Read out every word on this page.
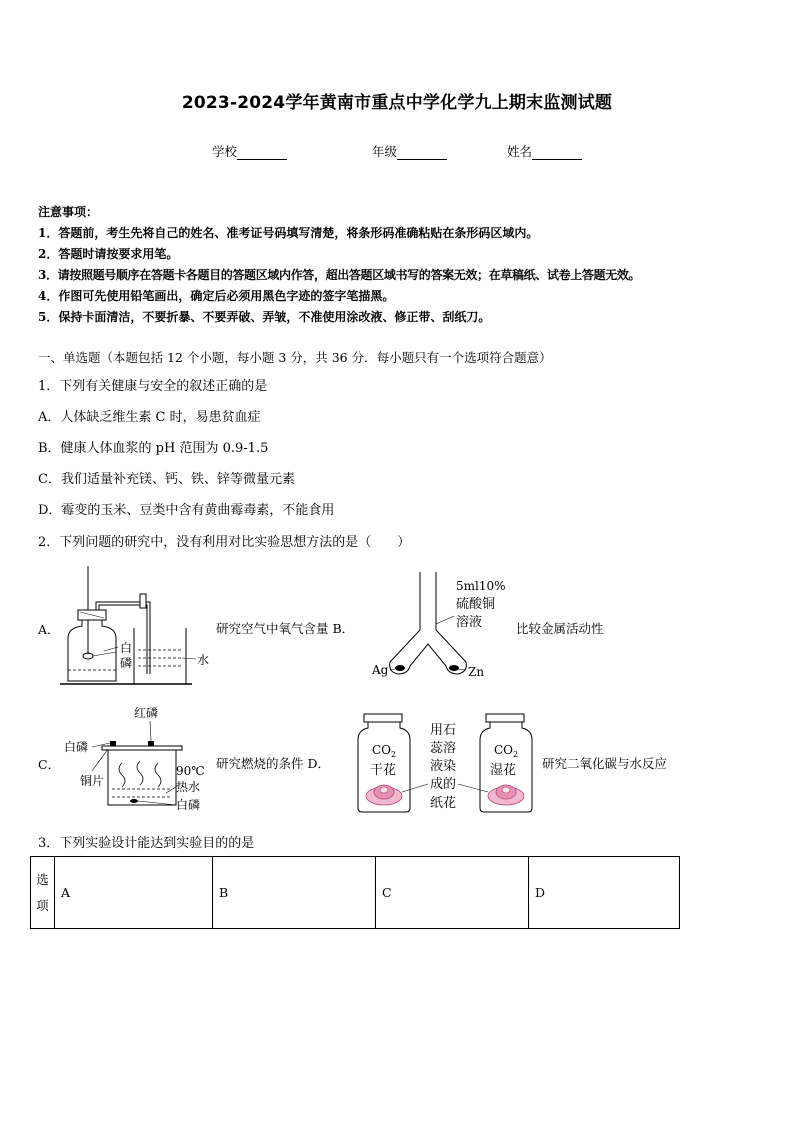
2023-2024学年黄南市重点中学化学九上期末监测试题
学校	年级	姓名
注意事项：
1．答题前，考生先将自己的姓名、准考证号码填写清楚，将条形码准确粘贴在条形码区域内。
2．答题时请按要求用笔。
3．请按照题号顺序在答题卡各题目的答题区域内作答，超出答题区域书写的答案无效；在草稿纸、试卷上答题无效。
4．作图可先使用铅笔画出，确定后必须用黑色字迹的签字笔描黑。
5．保持卡面清洁，不要折暴、不要弄破、弄皱，不准使用涂改液、修正带、刮纸刀。
一、单选题（本题包括 12 个小题，每小题 3 分，共 36 分．每小题只有一个选项符合题意）
1．下列有关健康与安全的叙述正确的是
A．人体缺乏维生素 C 时，易患贫血症
B．健康人体血浆的 pH 范围为 0.9-1.5
C．我们适量补充镁、钙、铁、锌等微量元素
D．霉变的玉米、豆类中含有黄曲霉毒素，不能食用
2．下列问题的研究中，没有利用对比实验思想方法的是（　　）
A．	研究空气中氧气含量 B．	比较金属活动性
C．	研究燃烧的条件 D．	研究二氧化碳与水反应
白
磷	水
5ml10%
硫酸铜
溶液
Ag	Zn
红磷
白磷
铜片
90℃
热水
白磷
$CO_2$
干花
$CO_2$
湿花
用石
蕊溶
液染
成的
纸花
3．下列实验设计能达到实验目的的是
选项	A	B	C	D
